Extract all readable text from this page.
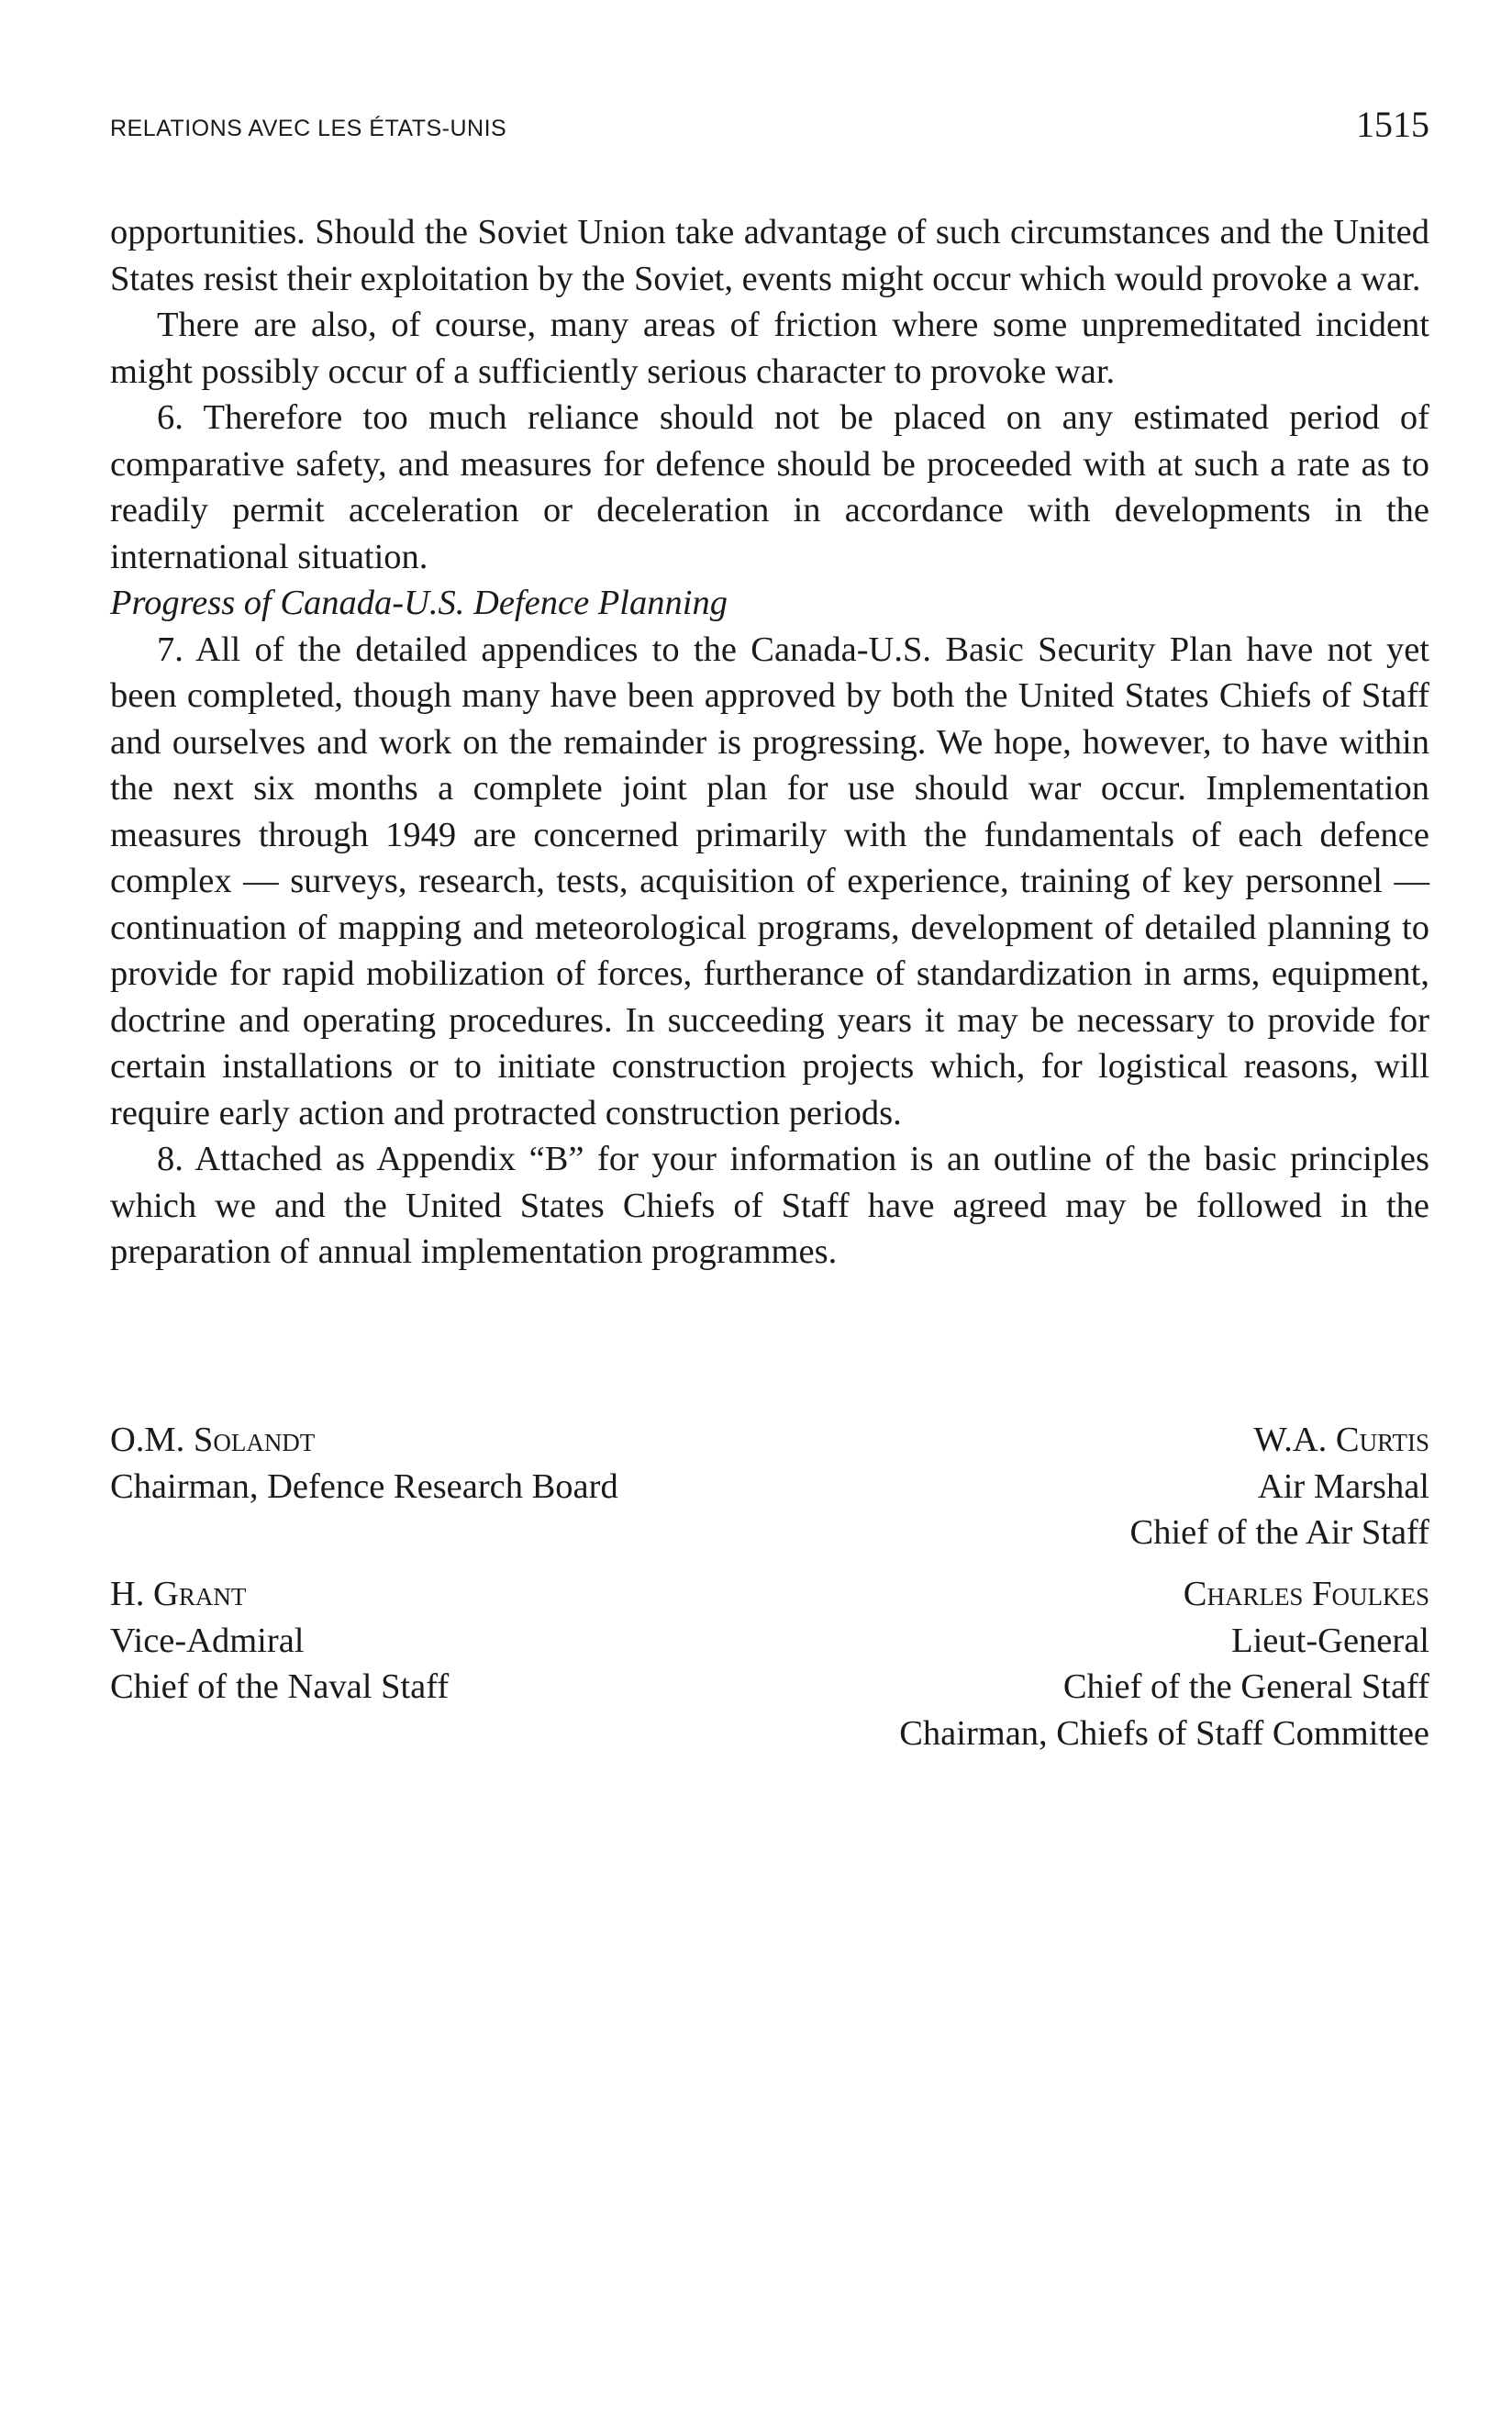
RELATIONS AVEC LES ÉTATS-UNIS	1515

opportunities. Should the Soviet Union take advantage of such circumstances and the United States resist their exploitation by the Soviet, events might occur which would provoke a war.

There are also, of course, many areas of friction where some unpremeditated incident might possibly occur of a sufficiently serious character to provoke war.

6. Therefore too much reliance should not be placed on any estimated period of comparative safety, and measures for defence should be proceeded with at such a rate as to readily permit acceleration or deceleration in accordance with developments in the international situation.

Progress of Canada-U.S. Defence Planning

7. All of the detailed appendices to the Canada-U.S. Basic Security Plan have not yet been completed, though many have been approved by both the United States Chiefs of Staff and ourselves and work on the remainder is progressing. We hope, however, to have within the next six months a complete joint plan for use should war occur. Implementation measures through 1949 are concerned primarily with the fundamentals of each defence complex — surveys, research, tests, acquisition of experience, training of key personnel — continuation of mapping and meteorological programs, development of detailed planning to provide for rapid mobilization of forces, furtherance of standardization in arms, equipment, doctrine and operating procedures. In succeeding years it may be necessary to provide for certain installations or to initiate construction projects which, for logistical reasons, will require early action and protracted construction periods.

8. Attached as Appendix “B” for your information is an outline of the basic principles which we and the United States Chiefs of Staff have agreed may be followed in the preparation of annual implementation programmes.

O.M. Solandt
Chairman, Defence Research Board
W.A. Curtis
Air Marshal
Chief of the Air Staff
H. Grant
Vice-Admiral
Chief of the Naval Staff
Charles Foulkes
Lieut-General
Chief of the General Staff
Chairman, Chiefs of Staff Committee
